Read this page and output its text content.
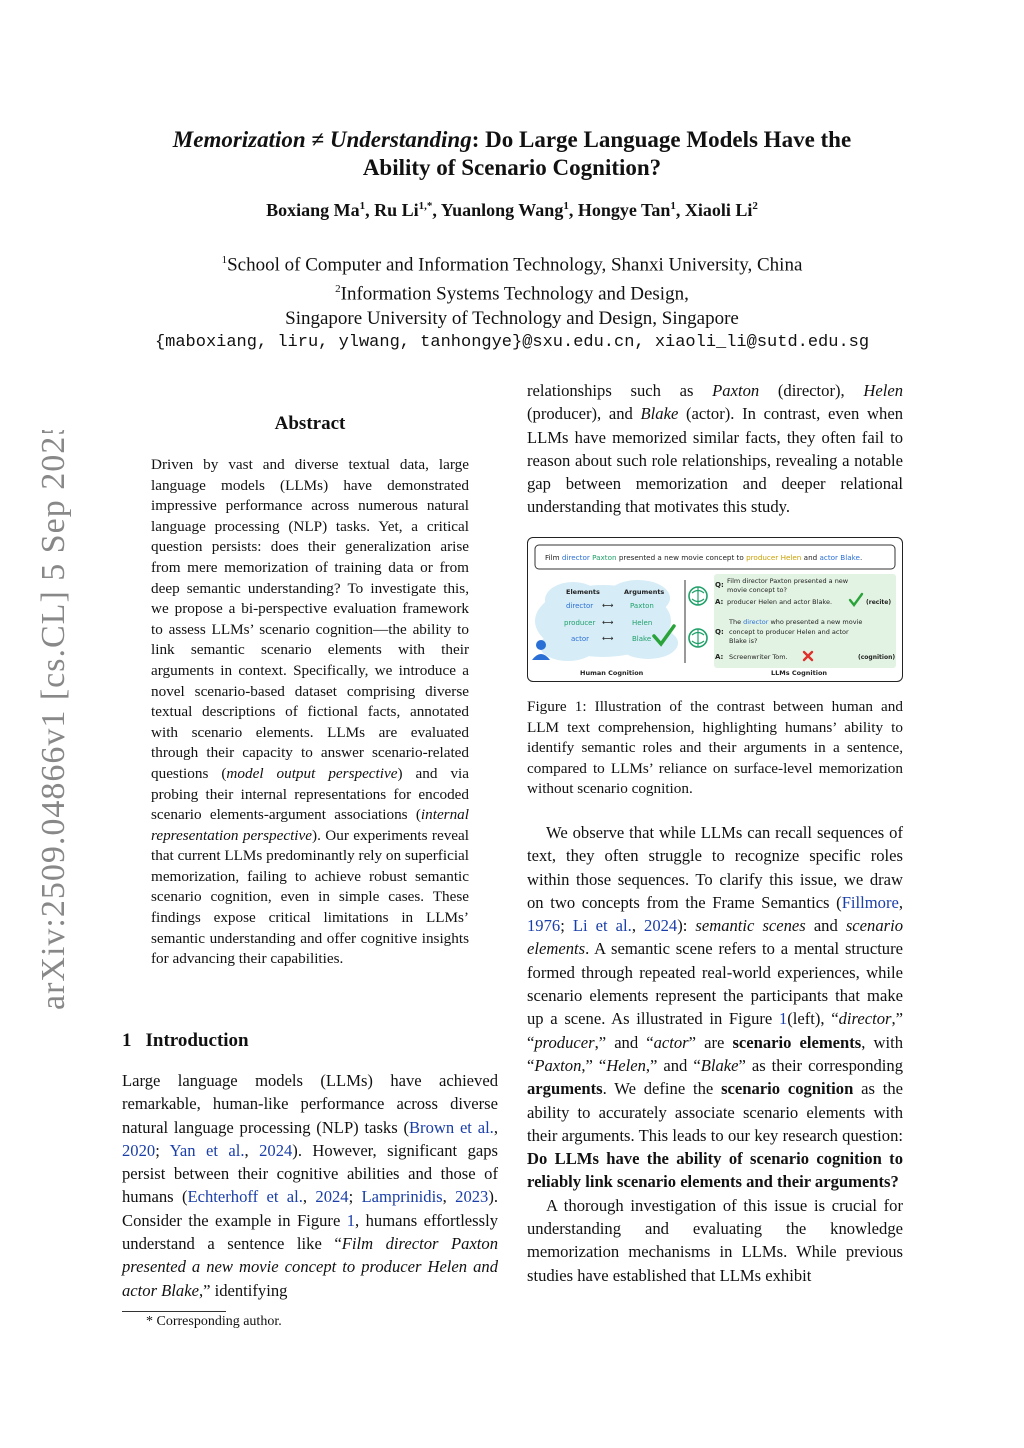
arXiv:2509.04866v1 [cs.CL] 5 Sep 2025
Memorization ≠ Understanding: Do Large Language Models Have the
Ability of Scenario Cognition?
Boxiang Ma$^1$, Ru $Li^{1,*}$, Yuanlong Wang$^1$, Hongye Tan$^1$, Xiaoli Li$^2$
$^1$School of Computer and Information Technology, Shanxi University, China
$^2$Information Systems Technology and Design,
Singapore University of Technology and Design, Singapore
{maboxiang, liru, ylwang, tanhongye}@sxu.edu.cn, xiaoli_li@sutd.edu.sg
Abstract
Driven by vast and diverse textual data, large language models (LLMs) have demonstrated impressive performance across numerous natural language processing (NLP) tasks. Yet, a critical question persists: does their generalization arise from mere memorization of training data or from deep semantic understanding? To investigate this, we propose a bi-perspective evaluation framework to assess LLMs’ scenario cognition—the ability to link semantic scenario elements with their arguments in context. Specifically, we introduce a novel scenario-based dataset comprising diverse textual descriptions of fictional facts, annotated with scenario elements. LLMs are evaluated through their capacity to answer scenario-related questions (model output perspective) and via probing their internal representations for encoded scenario elements-argument associations (internal representation perspective). Our experiments reveal that current LLMs predominantly rely on superficial memorization, failing to achieve robust semantic scenario cognition, even in simple cases. These findings expose critical limitations in LLMs’ semantic understanding and offer cognitive insights for advancing their capabilities.
1 Introduction
Large language models (LLMs) have achieved remarkable, human-like performance across diverse natural language processing (NLP) tasks (Brown et al., 2020; Yan et al., 2024). However, significant gaps persist between their cognitive abilities and those of humans (Echterhoff et al., 2024; Lamprinidis, 2023). Consider the example in Figure 1, humans effortlessly understand a sentence like “Film director Paxton presented a new movie concept to producer Helen and actor Blake,” identifying
relationships such as Paxton (director), Helen (producer), and Blake (actor). In contrast, even when LLMs have memorized similar facts, they often fail to reason about such role relationships, revealing a notable gap between memorization and deeper relational understanding that motivates this study.
Film director Paxton presented a new movie concept to producer Helen and actor Blake.
Elements	Arguments
director ⟷ Paxton
producer ⟷	Helen
actor ⟷	Blake
Human Cognition
Q: Film director Paxton presented a new
movie concept to?
A: producer Helen and actor Blake.	(recite)
Q:
The director who presented a new movie
concept to producer Helen and actor
Blake is?
A: Screenwriter Tom.	(cognition)
LLMs Cognition
Figure 1: Illustration of the contrast between human and LLM text comprehension, highlighting humans’ ability to identify semantic roles and their arguments in a sentence, compared to LLMs’ reliance on surface-level memorization without scenario cognition.

We observe that while LLMs can recall sequences of text, they often struggle to recognize specific roles within those sequences. To clarify this issue, we draw on two concepts from the Frame Semantics (Fillmore, 1976; Li et al., 2024): semantic scenes and scenario elements. A semantic scene refers to a mental structure formed through repeated real-world experiences, while scenario elements represent the participants that make up a scene. As illustrated in Figure 1(left), “director,” “producer,” and “actor” are scenario elements, with “Paxton,” “Helen,” and “Blake” as their corresponding arguments. We define the scenario cognition as the ability to accurately associate scenario elements with their arguments. This leads to our key research question: Do LLMs have the ability of scenario cognition to reliably link scenario elements and their arguments?

A thorough investigation of this issue is crucial for understanding and evaluating the knowledge memorization mechanisms in LLMs. While previous studies have established that LLMs exhibit

* Corresponding author.
